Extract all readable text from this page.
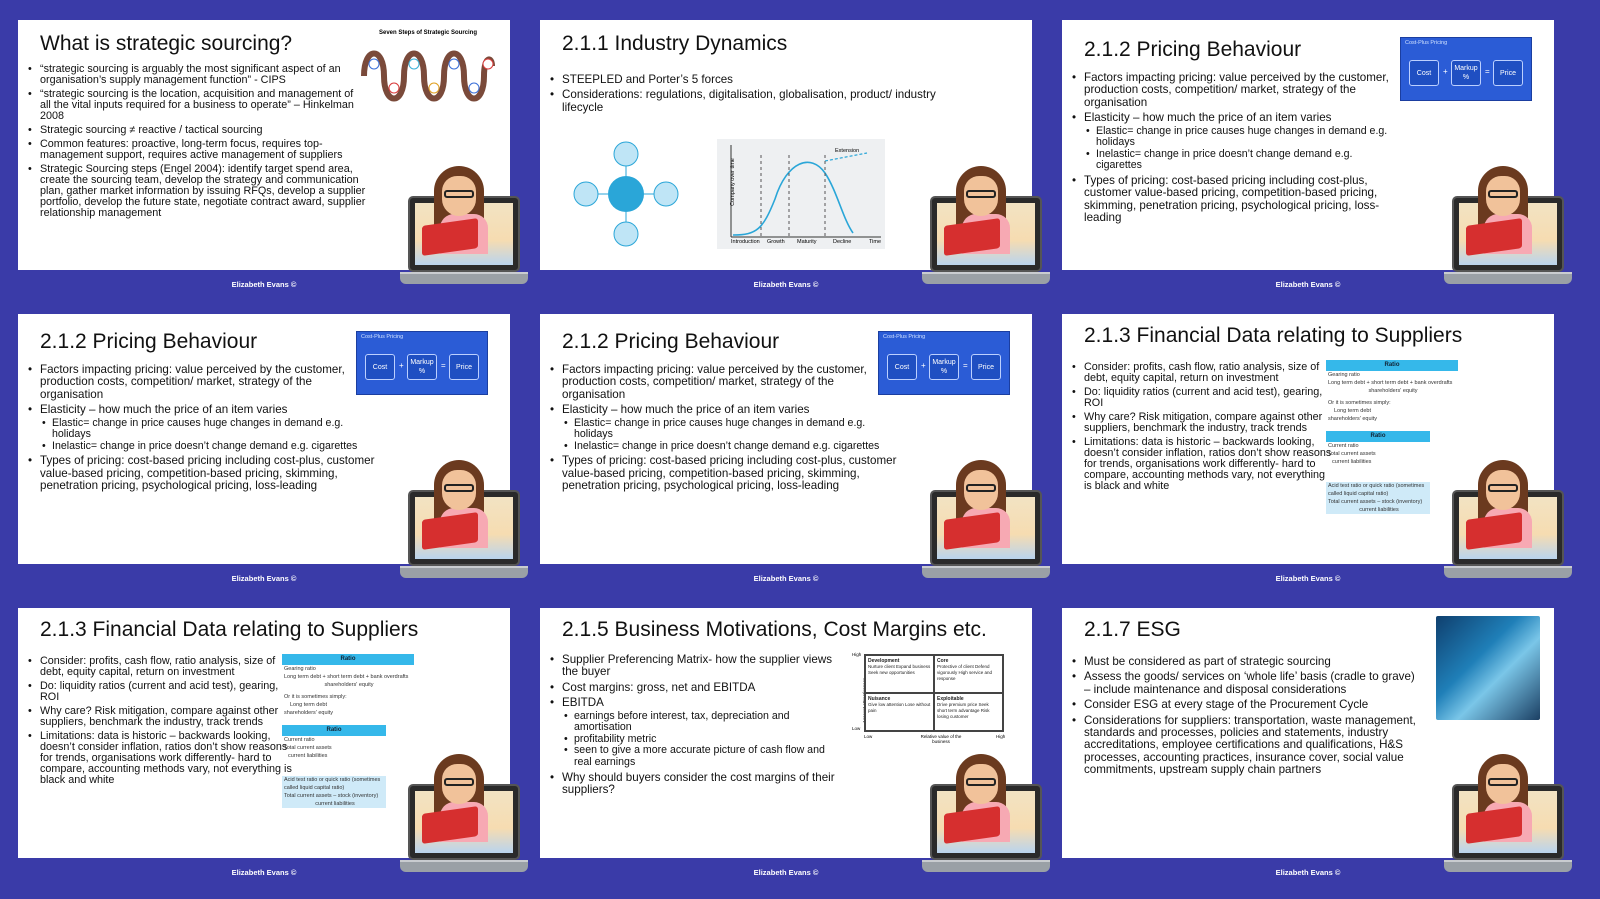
What is strategic sourcing?
• “strategic sourcing is arguably the most significant aspect of an organisation’s supply management function” - CIPS
• “strategic sourcing is the location, acquisition and management of all the vital inputs required for a business to operate” – Hinkelman 2008
• Strategic sourcing ≠ reactive / tactical sourcing
• Common features: proactive, long-term focus, requires top-management support, requires active management of suppliers
• Strategic Sourcing steps (Engel 2004): identify target spend area, create the sourcing team, develop the strategy and communication plan, gather market information by issuing RFQs, develop a supplier portfolio, develop the future state, negotiate contract award, supplier relationship management
Seven Steps of Strategic Sourcing
Elizabeth Evans ©
2.1.1 Industry Dynamics
• STEEPLED and Porter’s 5 forces
• Considerations: regulations, digitalisation, globalisation, product/ industry lifecycle
Company over time
Extension
Introduction Growth Maturity	Decline	Time
Elizabeth Evans ©
2.1.2 Pricing Behaviour
• Factors impacting pricing: value perceived by the customer, production costs, competition/ market, strategy of the organisation
• Elasticity – how much the price of an item varies
• Elastic= change in price causes huge changes in demand e.g. holidays
• Inelastic= change in price doesn’t change demand e.g. cigarettes
• Types of pricing: cost-based pricing including cost-plus, customer value-based pricing, competition-based pricing, skimming, penetration pricing, psychological pricing, loss-leading
Cost-Plus Pricing
Cost	+ Markup %
=	Price
Elizabeth Evans ©
2.1.2 Pricing Behaviour
• Factors impacting pricing: value perceived by the customer, production costs, competition/ market, strategy of the organisation
• Elasticity – how much the price of an item varies
• Elastic= change in price causes huge changes in demand e.g. holidays
• Inelastic= change in price doesn’t change demand e.g. cigarettes
• Types of pricing: cost-based pricing including cost-plus, customer value-based pricing, competition-based pricing, skimming, penetration pricing, psychological pricing, loss-leading
Cost-Plus Pricing
Cost	+ Markup %
=	Price
Elizabeth Evans ©
2.1.2 Pricing Behaviour
• Factors impacting pricing: value perceived by the customer, production costs, competition/ market, strategy of the organisation
• Elasticity – how much the price of an item varies
• Elastic= change in price causes huge changes in demand e.g. holidays
• Inelastic= change in price doesn’t change demand e.g. cigarettes
• Types of pricing: cost-based pricing including cost-plus, customer value-based pricing, competition-based pricing, skimming, penetration pricing, psychological pricing, loss-leading
Cost-Plus Pricing
Cost	+ Markup %
=	Price
Elizabeth Evans ©
2.1.3 Financial Data relating to Suppliers
• Consider: profits, cash flow, ratio analysis, size of debt, equity capital, return on investment
• Do: liquidity ratios (current and acid test), gearing, ROI
• Why care? Risk mitigation, compare against other suppliers, benchmark the industry, track trends
• Limitations: data is historic – backwards looking, doesn’t consider inflation, ratios don’t show reasons for trends, organisations work differently- hard to compare, accounting methods vary, not everything is black and white
Ratio
Gearing ratio
Long term debt + short term debt + bank overdrafts
shareholders' equity
Or it is sometimes simply:
Long term debt
shareholders' equity
Ratio
Current ratio
Total current assets
current liabilities
Acid test ratio or quick ratio (sometimes called liquid capital ratio)
Total current assets – stock (inventory)
current liabilities
Elizabeth Evans ©
2.1.3 Financial Data relating to Suppliers
• Consider: profits, cash flow, ratio analysis, size of debt, equity capital, return on investment
• Do: liquidity ratios (current and acid test), gearing, ROI
• Why care? Risk mitigation, compare against other suppliers, benchmark the industry, track trends
• Limitations: data is historic – backwards looking, doesn’t consider inflation, ratios don’t show reasons for trends, organisations work differently- hard to compare, accounting methods vary, not everything is black and white
Ratio
Gearing ratio
Long term debt + short term debt + bank overdrafts
shareholders' equity
Or it is sometimes simply:
Long term debt
shareholders' equity
Ratio
Current ratio
Total current assets
current liabilities
Acid test ratio or quick ratio (sometimes called liquid capital ratio)
Total current assets – stock (inventory)
current liabilities
Elizabeth Evans ©
2.1.5 Business Motivations, Cost Margins etc.
• Supplier Preferencing Matrix- how the supplier views the buyer
• Cost margins: gross, net and EBITDA
• EBITDA
• earnings before interest, tax, depreciation and amortisation
• profitability metric
• seen to give a more accurate picture of cash flow and real earnings
• Why should buyers consider the cost margins of their suppliers?
Account attractiveness
High
Low
Development
Nurture client Expand business Seek new opportunities
Core
Protective of client Defend vigorously High service and response
Nuisance
Give low attention Lose without pain
Exploitable
Drive premium price Seek short term advantage Risk losing customer
Low	Relative value of the business
High
Elizabeth Evans ©
2.1.7 ESG
• Must be considered as part of strategic sourcing
• Assess the goods/ services on ‘whole life’ basis (cradle to grave) – include maintenance and disposal considerations
• Consider ESG at every stage of the Procurement Cycle
• Considerations for suppliers: transportation, waste management, standards and processes, policies and statements, industry accreditations, employee certifications and qualifications, H&S processes, accounting practices, insurance cover, social value commitments, upstream supply chain partners
Elizabeth Evans ©
